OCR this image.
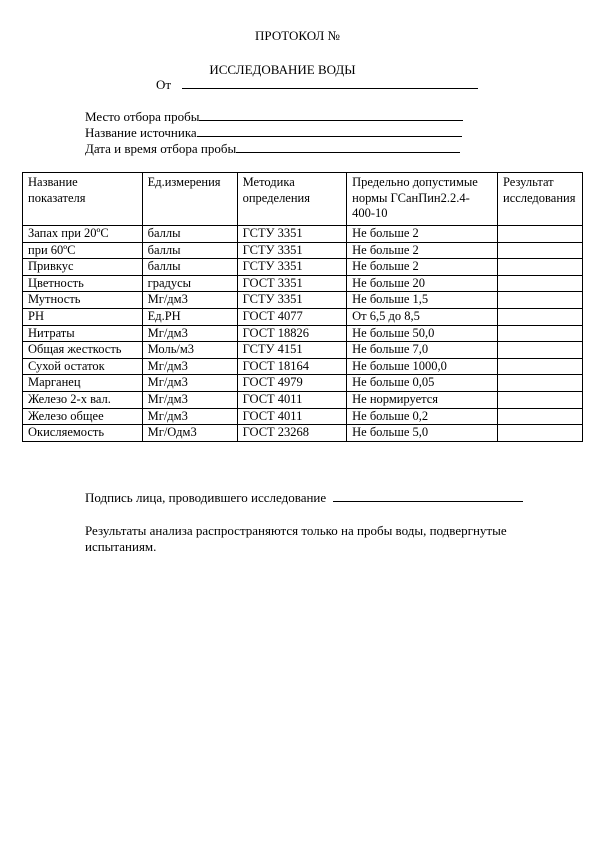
ПРОТОКОЛ №
ИССЛЕДОВАНИЕ ВОДЫ
От
Место отбора пробы
Название источника
Дата и время отбора пробы
Название показателя	Ед.измерения	Методика определения	Предельно допустимые нормы ГСанПин2.2.4-400-10	Результат исследования
Запах при 20ºС	баллы	ГСТУ 3351	Не больше 2	
при 60ºС	баллы	ГСТУ 3351	Не больше 2	
Привкус	баллы	ГСТУ 3351	Не больше 2	
Цветность	градусы	ГОСТ 3351	Не больше 20	
Мутность	Мг/дм3	ГСТУ 3351	Не больше 1,5	
РН	Ед.РН	ГОСТ 4077	От 6,5 до 8,5	
Нитраты	Мг/дм3	ГОСТ 18826	Не больше 50,0	
Общая жесткость	Моль/м3	ГСТУ 4151	Не больше 7,0	
Сухой остаток	Мг/дм3	ГОСТ 18164	Не больше 1000,0	
Марганец	Мг/дм3	ГОСТ 4979	Не больше 0,05	
Железо 2-х вал.	Мг/дм3	ГОСТ 4011	Не нормируется	
Железо общее	Мг/дм3	ГОСТ 4011	Не больше 0,2	
Окисляемость	Мг/Одм3	ГОСТ 23268	Не больше 5,0	
Подпись лица, проводившего исследование
Результаты анализа распространяются только на пробы воды, подвергнутые испытаниям.
